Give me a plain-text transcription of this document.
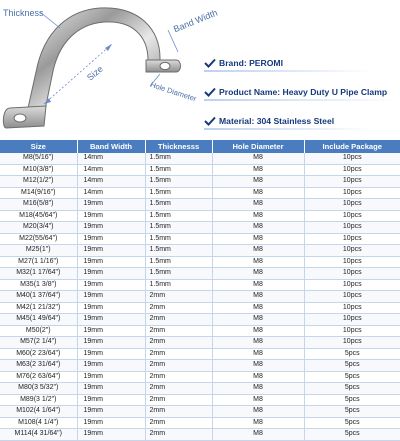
Thickness	Band Width
Size
Hole Diameter
Brand: PEROMI
Product Name: Heavy Duty U Pipe Clamp
Material: 304 Stainless Steel
Size	Band Width	Thicknesss	Hole Diameter	Include Package
M8(5/16")	14mm	1.5mm	M8	10pcs
M10(3/8")	14mm	1.5mm	M8	10pcs
M12(1/2")	14mm	1.5mm	M8	10pcs
M14(9/16")	14mm	1.5mm	M8	10pcs
M16(5/8")	19mm	1.5mm	M8	10pcs
M18(45/64")	19mm	1.5mm	M8	10pcs
M20(3/4")	19mm	1.5mm	M8	10pcs
M22(55/64")	19mm	1.5mm	M8	10pcs
M25(1")	19mm	1.5mm	M8	10pcs
M27(1 1/16")	19mm	1.5mm	M8	10pcs
M32(1 17/64")	19mm	1.5mm	M8	10pcs
M35(1 3/8")	19mm	1.5mm	M8	10pcs
M40(1 37/64")	19mm	2mm	M8	10pcs
M42(1 21/32")	19mm	2mm	M8	10pcs
M45(1 49/64")	19mm	2mm	M8	10pcs
M50(2")	19mm	2mm	M8	10pcs
M57(2 1/4")	19mm	2mm	M8	10pcs
M60(2 23/64")	19mm	2mm	M8	5pcs
M63(2 31/64")	19mm	2mm	M8	5pcs
M76(2 63/64")	19mm	2mm	M8	5pcs
M80(3 5/32")	19mm	2mm	M8	5pcs
M89(3 1/2")	19mm	2mm	M8	5pcs
M102(4 1/64")	19mm	2mm	M8	5pcs
M108(4 1/4")	19mm	2mm	M8	5pcs
M114(4 31/64")	19mm	2mm	M8	5pcs
